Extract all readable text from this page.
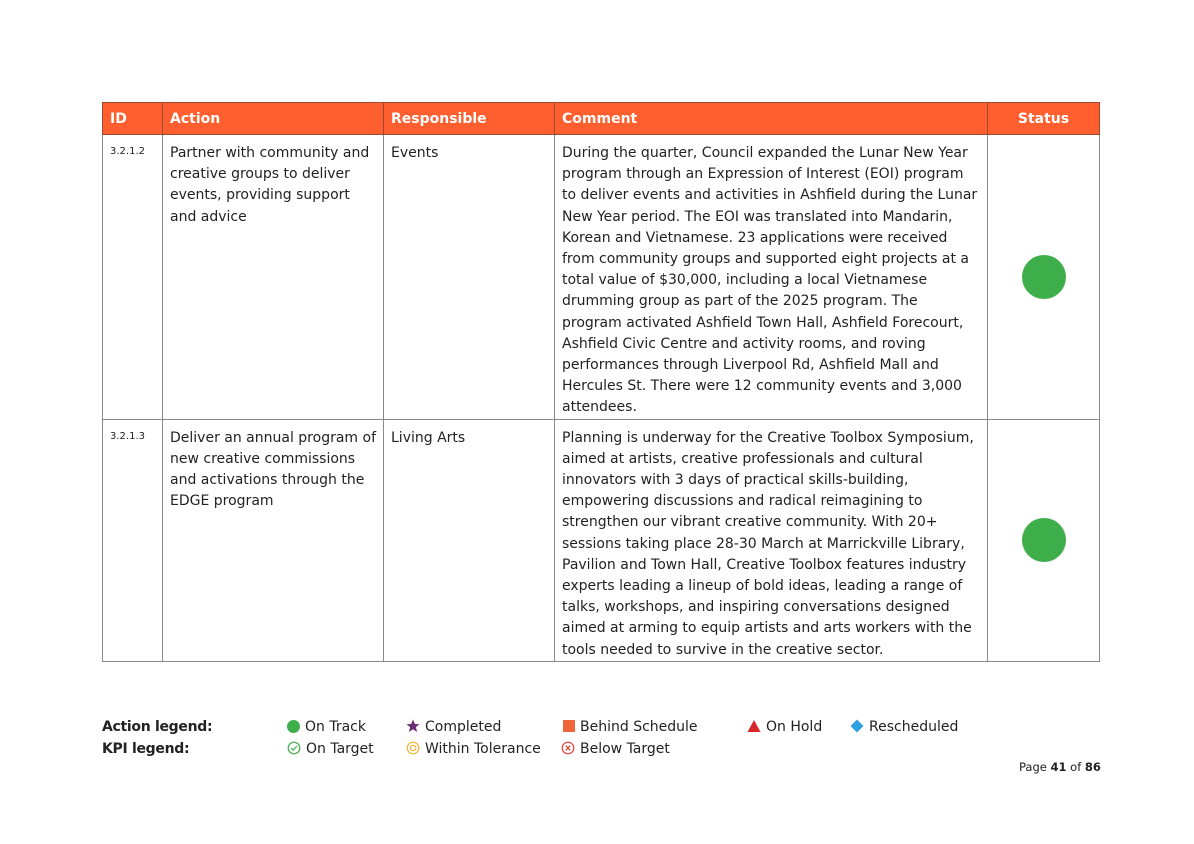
ID	Action	Responsible	Comment	Status
3.2.1.2	Partner with community and creative groups to deliver events, providing support and advice	Events	During the quarter, Council expanded the Lunar New Year program through an Expression of Interest (EOI) program to deliver events and activities in Ashfield during the Lunar New Year period. The EOI was translated into Mandarin, Korean and Vietnamese. 23 applications were received from community groups and supported eight projects at a total value of $30,000, including a local Vietnamese drumming group as part of the 2025 program. The program activated Ashfield Town Hall, Ashfield Forecourt, Ashfield Civic Centre and activity rooms, and roving performances through Liverpool Rd, Ashfield Mall and Hercules St. There were 12 community events and 3,000 attendees.	

3.2.1.3	Deliver an annual program of new creative commissions and activations through the EDGE program	Living Arts	Planning is underway for the Creative Toolbox Symposium, aimed at artists, creative professionals and cultural innovators with 3 days of practical skills-building, empowering discussions and radical reimagining to strengthen our vibrant creative community. With 20+ sessions taking place 28-30 March at Marrickville Library, Pavilion and Town Hall, Creative Toolbox features industry experts leading a lineup of bold ideas, leading a range of talks, workshops, and inspiring conversations designed aimed at arming to equip artists and arts workers with the tools needed to survive in the creative sector.	
Action legend:	On Track	Completed	Behind Schedule	On Hold	Rescheduled
KPI legend:	On Target	Within Tolerance	Below Target
Page 41 of 86
